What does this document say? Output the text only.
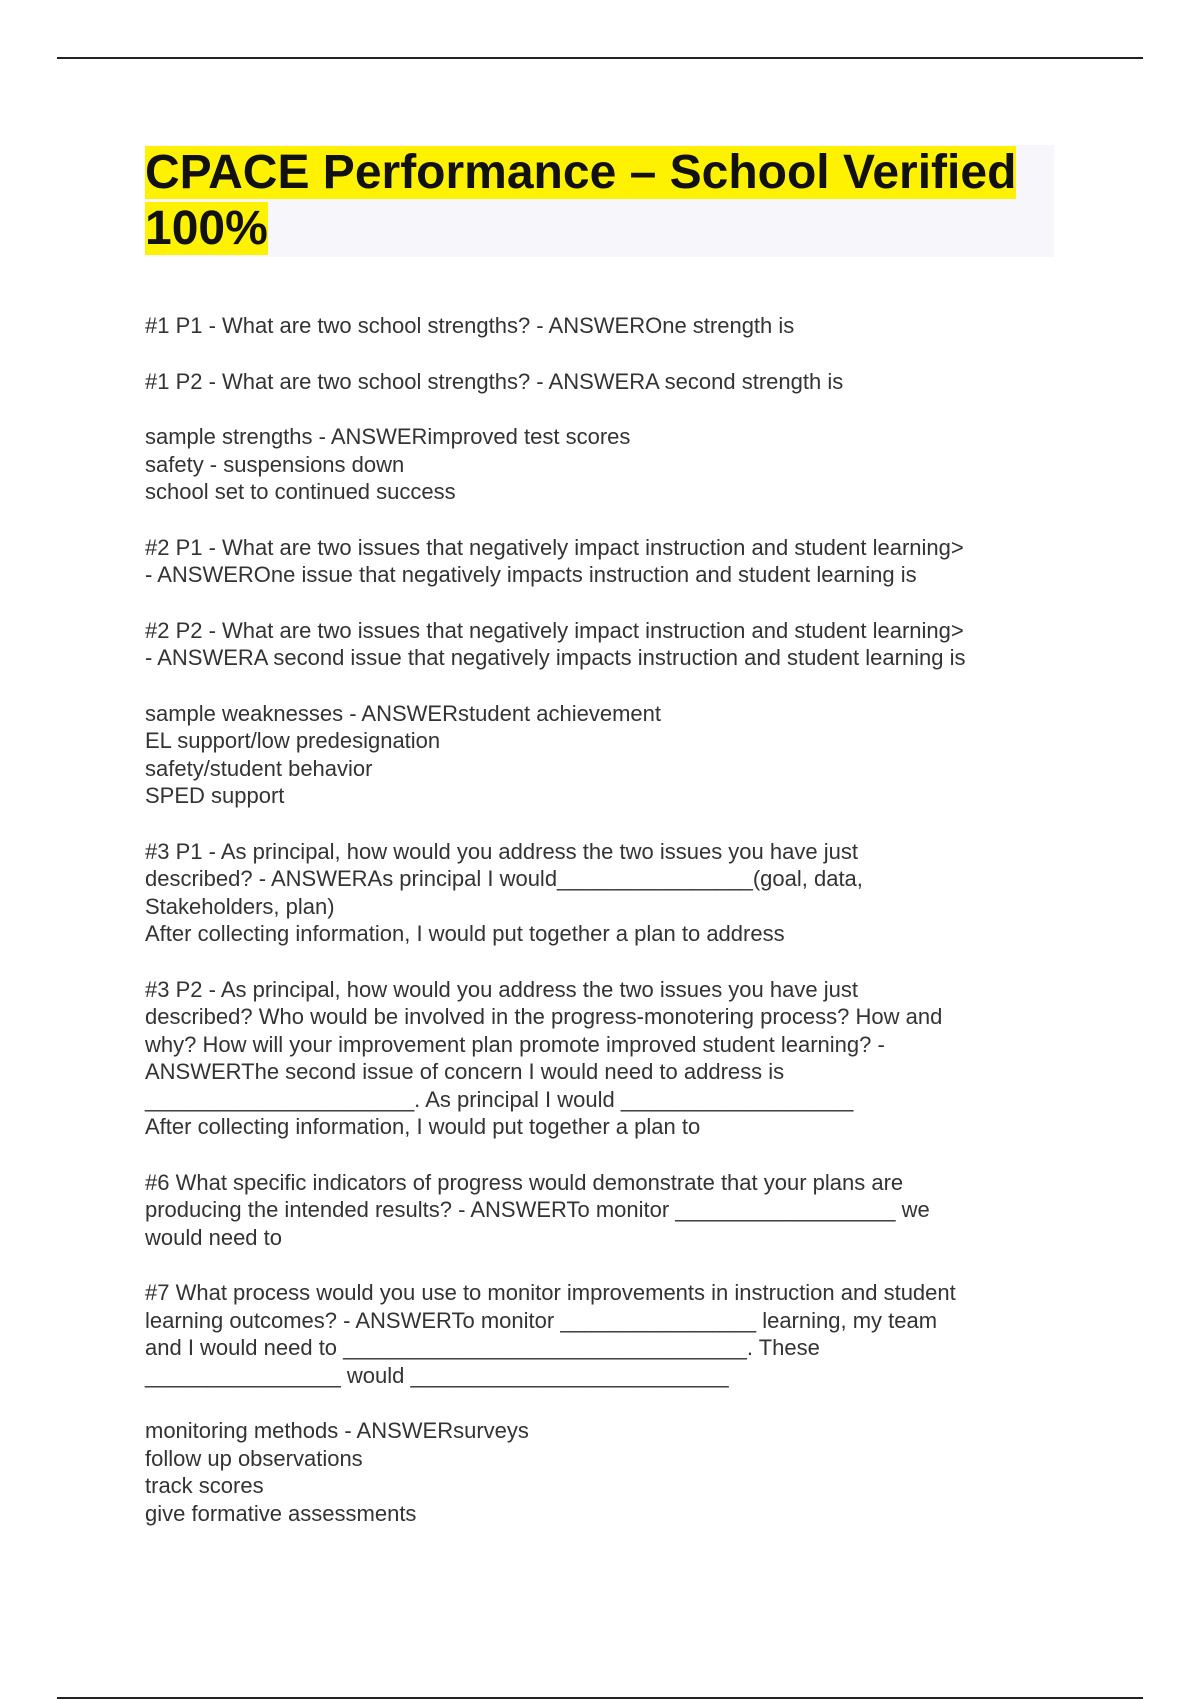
CPACE Performance – School Verified 100%

#1 P1 - What are two school strengths? - ANSWEROne strength is

#1 P2 - What are two school strengths? - ANSWERA second strength is

sample strengths - ANSWERimproved test scores
safety - suspensions down
school set to continued success

#2 P1 - What are two issues that negatively impact instruction and student learning>
- ANSWEROne issue that negatively impacts instruction and student learning is

#2 P2 - What are two issues that negatively impact instruction and student learning>
- ANSWERA second issue that negatively impacts instruction and student learning is

sample weaknesses - ANSWERstudent achievement
EL support/low predesignation
safety/student behavior
SPED support

#3 P1 - As principal, how would you address the two issues you have just
described? - ANSWERAs principal I would________________(goal, data,
Stakeholders, plan)
After collecting information, I would put together a plan to address

#3 P2 - As principal, how would you address the two issues you have just
described? Who would be involved in the progress-monotering process? How and
why? How will your improvement plan promote improved student learning? -
ANSWERThe second issue of concern I would need to address is
______________________. As principal I would ___________________
After collecting information, I would put together a plan to

#6 What specific indicators of progress would demonstrate that your plans are
producing the intended results? - ANSWERTo monitor __________________ we
would need to

#7 What process would you use to monitor improvements in instruction and student
learning outcomes? - ANSWERTo monitor ________________ learning, my team
and I would need to _________________________________. These
________________ would __________________________

monitoring methods - ANSWERsurveys
follow up observations
track scores
give formative assessments
